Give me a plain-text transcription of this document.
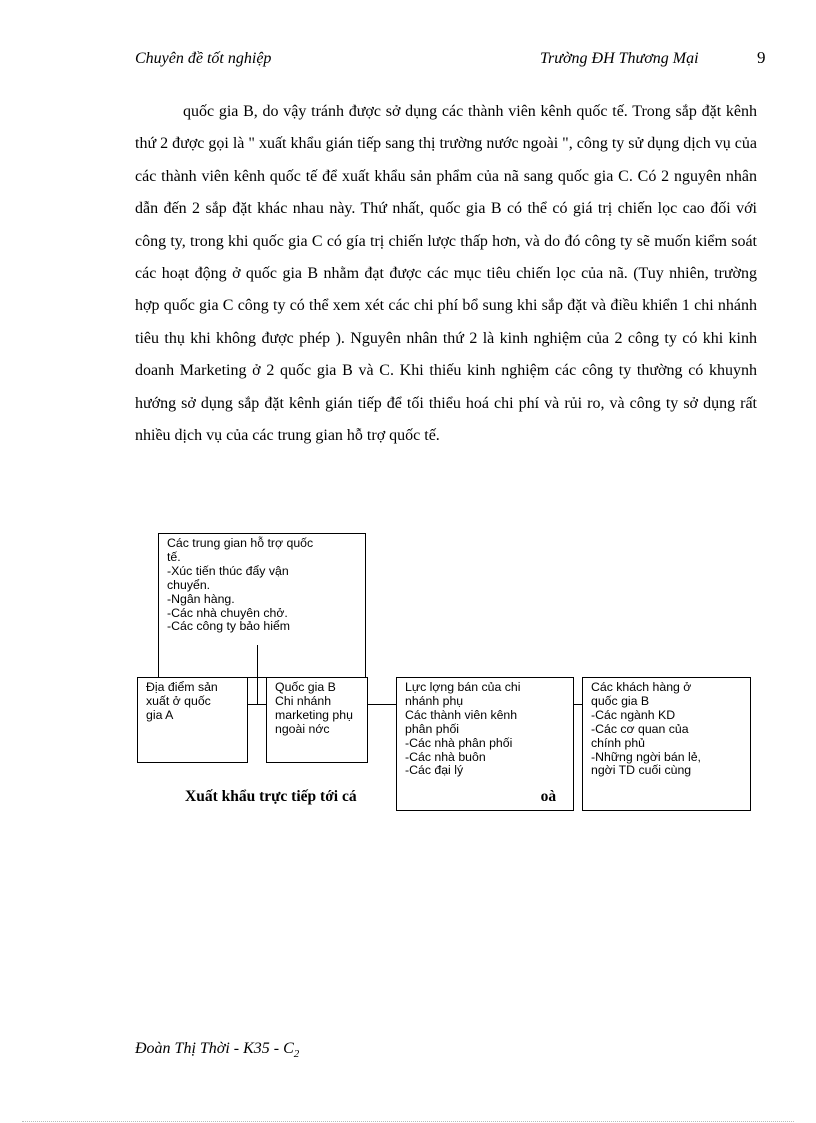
Chuyên đề tốt nghiệp	Trường ĐH Thương Mại	9

quốc gia B, do vậy tránh được sở dụng các thành viên kênh quốc tế. Trong sắp đặt kênh thứ 2 được gọi là " xuất khẩu gián tiếp sang thị trường nước ngoài ", công ty sử dụng dịch vụ của các thành viên kênh quốc tế để xuất khẩu sản phẩm của nã sang quốc gia C. Có 2 nguyên nhân dẫn đến 2 sắp đặt khác nhau này. Thứ nhất, quốc gia B có thể có giá trị chiến lọc cao đối với công ty, trong khi quốc gia C có gía trị chiến lược thấp hơn, và do đó công ty sẽ muốn kiểm soát các hoạt động ở quốc gia B nhằm đạt được các mục tiêu chiến lọc của nã. (Tuy nhiên, trường hợp quốc gia C công ty có thể xem xét các chi phí bổ sung khi sắp đặt và điều khiển 1 chi nhánh tiêu thụ khi không được phép ). Nguyên nhân thứ 2 là kinh nghiệm của 2 công ty có khi kinh doanh Marketing ở 2 quốc gia B và C. Khi thiếu kinh nghiệm các công ty thường có khuynh hướng sở dụng sắp đặt kênh gián tiếp để tối thiểu hoá chi phí và rủi ro, và công ty sở dụng rất nhiều dịch vụ của các trung gian hỗ trợ quốc tế.

Các trung gian hỗ trợ quốc
tế.
-Xúc tiến thúc đẩy vận
chuyển.
-Ngân hàng.
-Các nhà chuyên chở.
-Các công ty bảo hiểm
Địa điểm sản
xuất ở quốc
gia A
Quốc gia B
Chi nhánh
marketing phụ
ngoài nớc
Lực lợng bán của chi
nhánh phụ
Các thành viên kênh
phân phối
-Các nhà phân phối
-Các nhà buôn
-Các đại lý
Các khách hàng ở
quốc gia B
-Các ngành KD
-Các cơ quan của
chính phủ
-Những ngời bán lẻ,
ngời TD cuối cùng
Xuất khẩu trực tiếp tới cá	oà
Đoàn Thị Thời - $K35 - C_2$
